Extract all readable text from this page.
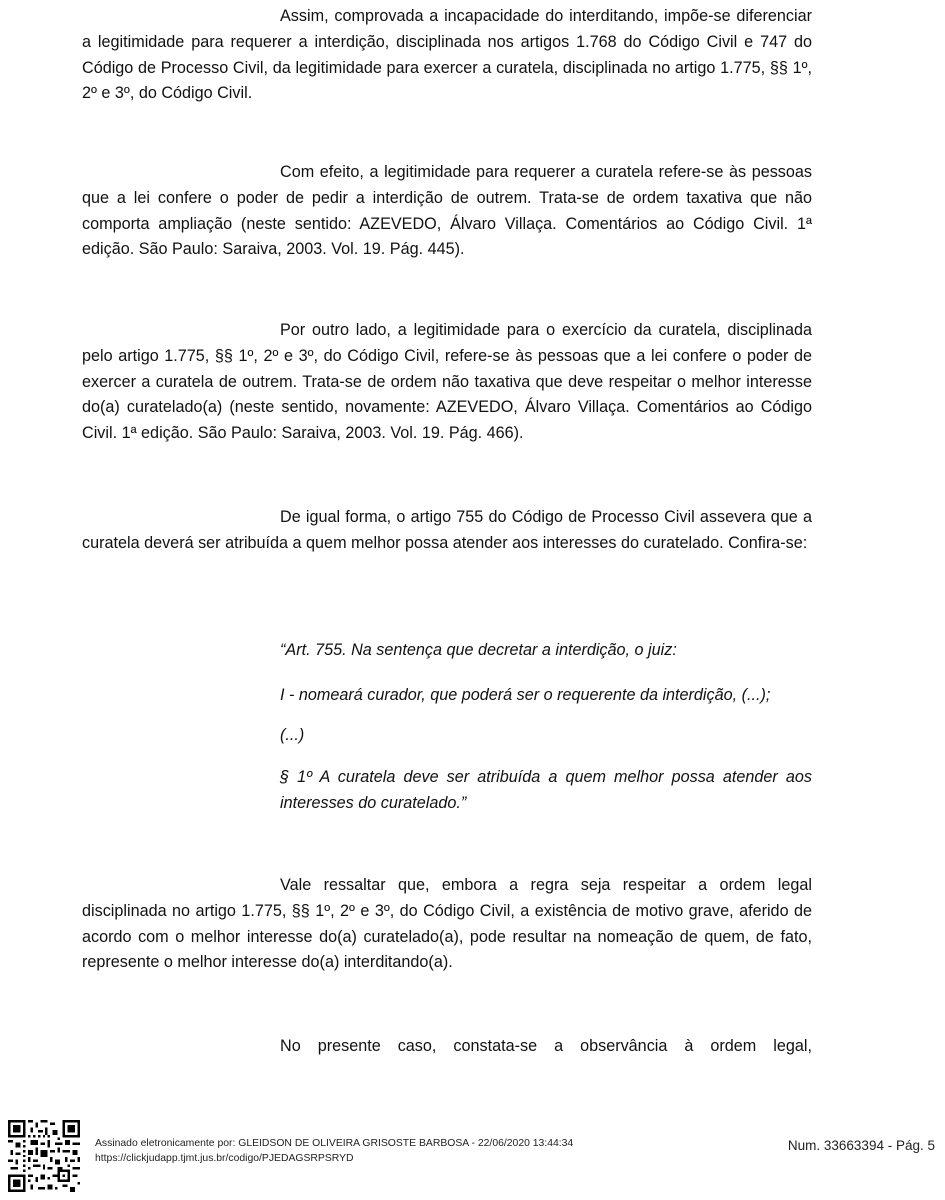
Assim, comprovada a incapacidade do interditando, impõe-se diferenciar a legitimidade para requerer a interdição, disciplinada nos artigos 1.768 do Código Civil e 747 do Código de Processo Civil, da legitimidade para exercer a curatela, disciplinada no artigo 1.775, §§ 1º, 2º e 3º, do Código Civil.

Com efeito, a legitimidade para requerer a curatela refere-se às pessoas que a lei confere o poder de pedir a interdição de outrem. Trata-se de ordem taxativa que não comporta ampliação (neste sentido: AZEVEDO, Álvaro Villaça. Comentários ao Código Civil. 1ª edição. São Paulo: Saraiva, 2003. Vol. 19. Pág. 445).

Por outro lado, a legitimidade para o exercício da curatela, disciplinada pelo artigo 1.775, §§ 1º, 2º e 3º, do Código Civil, refere-se às pessoas que a lei confere o poder de exercer a curatela de outrem. Trata-se de ordem não taxativa que deve respeitar o melhor interesse do(a) curatelado(a) (neste sentido, novamente: AZEVEDO, Álvaro Villaça. Comentários ao Código Civil. 1ª edição. São Paulo: Saraiva, 2003. Vol. 19. Pág. 466).

De igual forma, o artigo 755 do Código de Processo Civil assevera que a curatela deverá ser atribuída a quem melhor possa atender aos interesses do curatelado. Confira-se:

“Art. 755. Na sentença que decretar a interdição, o juiz:

I - nomeará curador, que poderá ser o requerente da interdição, (...);

(...)

§ 1º A curatela deve ser atribuída a quem melhor possa atender aos interesses do curatelado.”

Vale ressaltar que, embora a regra seja respeitar a ordem legal disciplinada no artigo 1.775, §§ 1º, 2º e 3º, do Código Civil, a existência de motivo grave, aferido de acordo com o melhor interesse do(a) curatelado(a), pode resultar na nomeação de quem, de fato, represente o melhor interesse do(a) interditando(a).

No presente caso, constata-se a observância à ordem legal,

Assinado eletronicamente por: GLEIDSON DE OLIVEIRA GRISOSTE BARBOSA - 22/06/2020 13:44:34
https://clickjudapp.tjmt.jus.br/codigo/PJEDAGSRPSRYD
Num. 33663394 - Pág. 5
